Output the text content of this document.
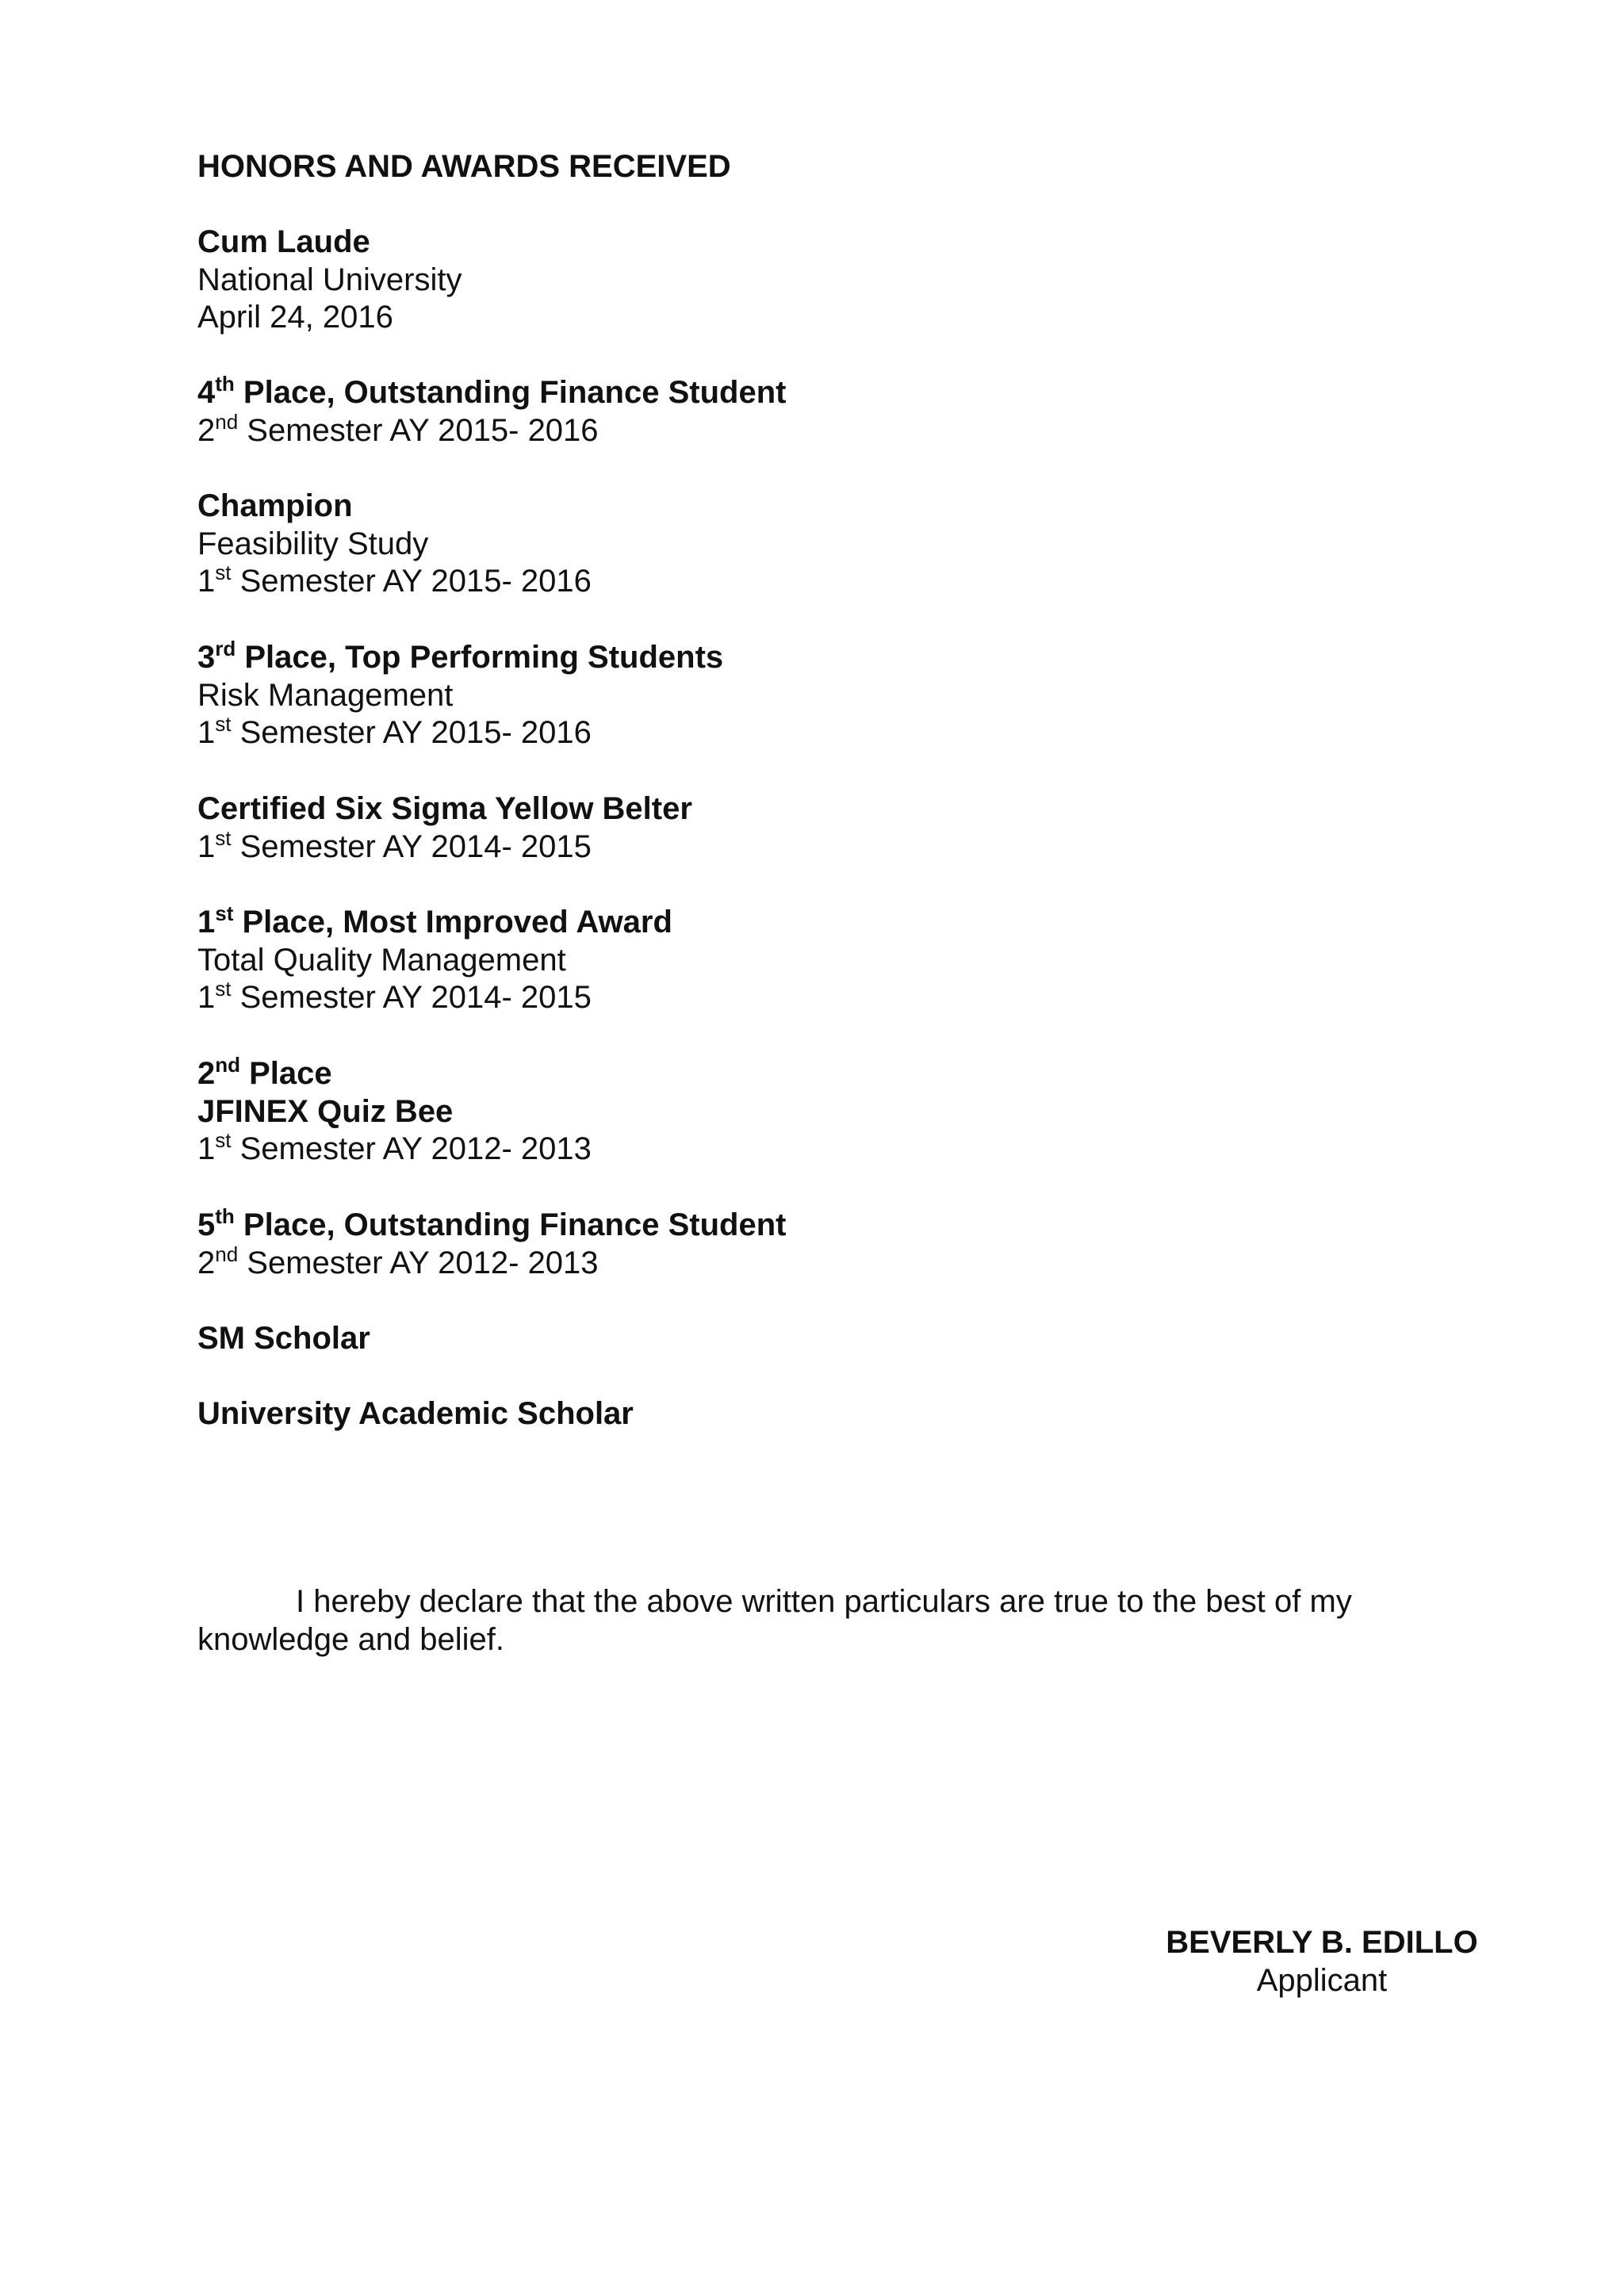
HONORS AND AWARDS RECEIVED
Cum Laude
National University
April 24, 2016
4th Place, Outstanding Finance Student
2nd Semester AY 2015- 2016
Champion
Feasibility Study
1st Semester AY 2015- 2016
3rd Place, Top Performing Students
Risk Management
1st Semester AY 2015- 2016
Certified Six Sigma Yellow Belter
1st Semester AY 2014- 2015
1st Place, Most Improved Award
Total Quality Management
1st Semester AY 2014- 2015
2nd Place
JFINEX Quiz Bee
1st Semester AY 2012- 2013
5th Place, Outstanding Finance Student
2nd Semester AY 2012- 2013
SM Scholar
University Academic Scholar
I hereby declare that the above written particulars are true to the best of my knowledge and belief.
BEVERLY B. EDILLO
Applicant
